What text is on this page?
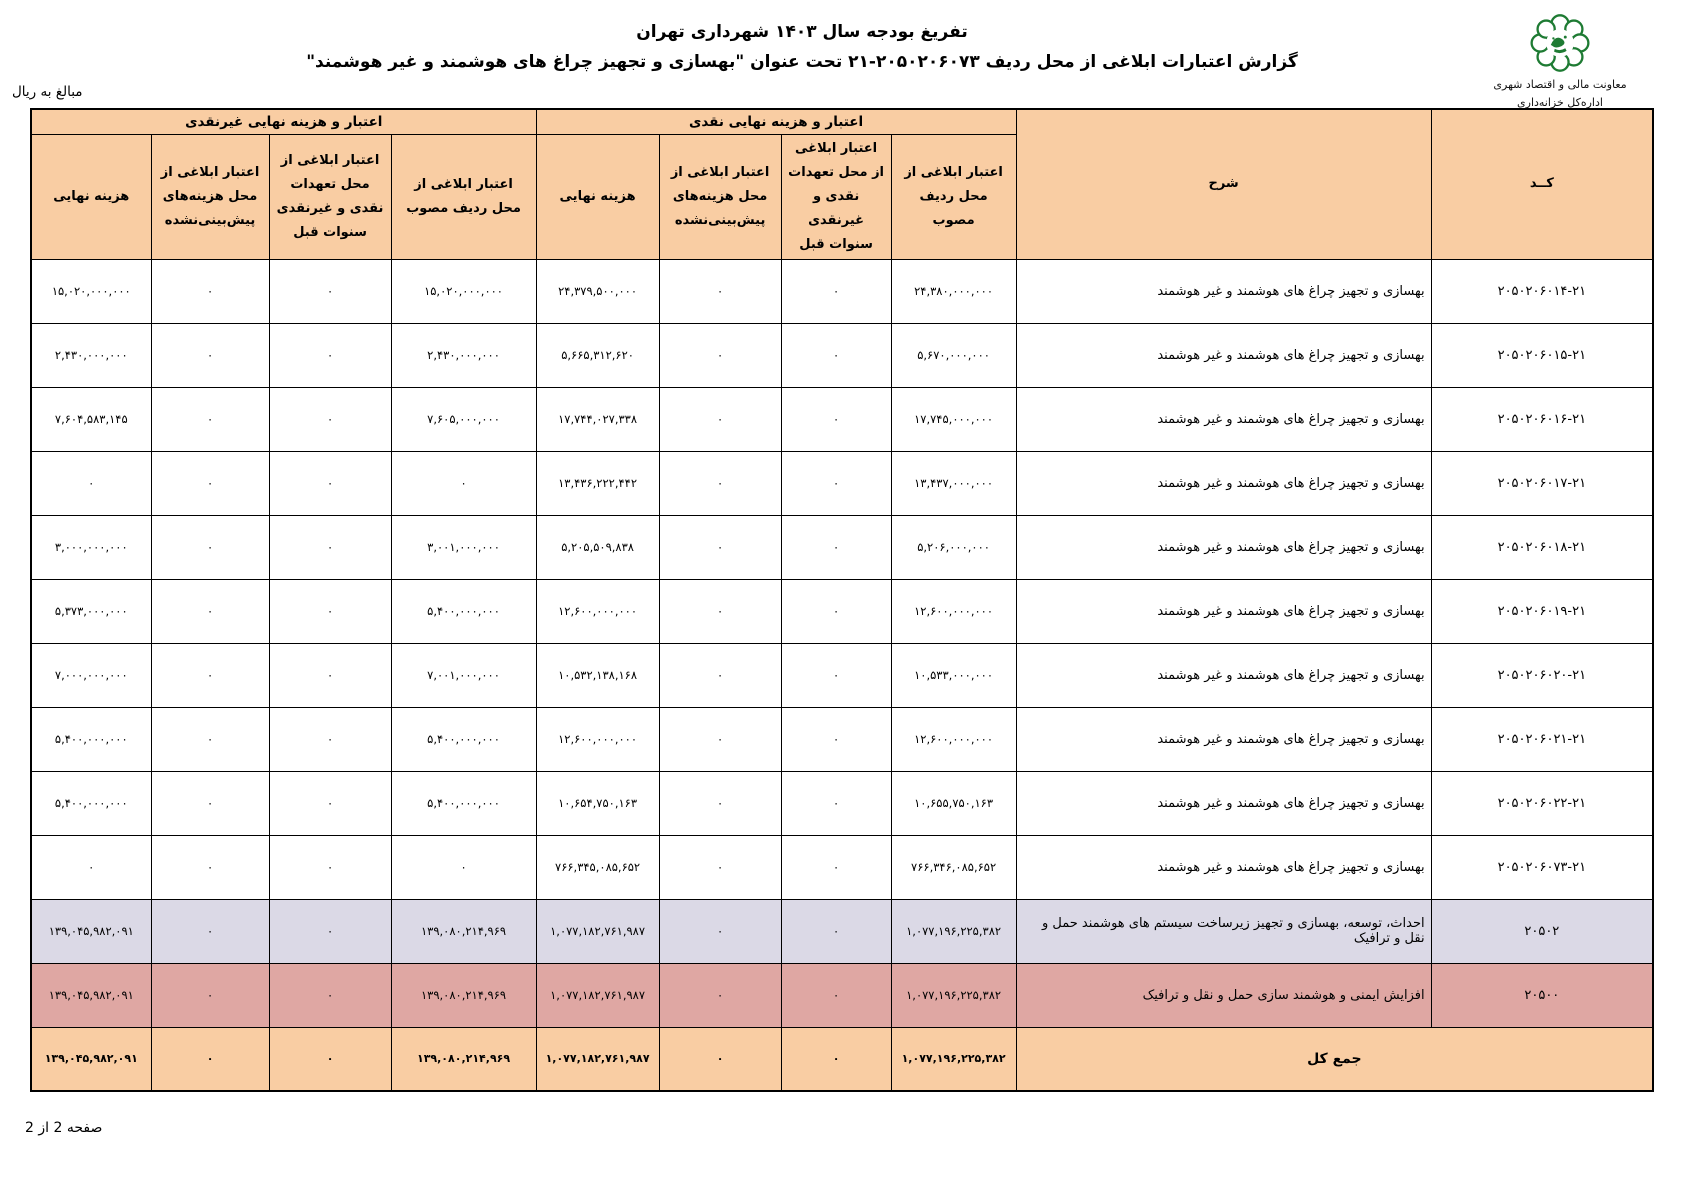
تفریغ بودجه سال ۱۴۰۳ شهرداری تهران
گزارش اعتبارات ابلاغی از محل ردیف ۲۰۵۰۲۰۶۰۷۳-۲۱ تحت عنوان "بهسازی و تجهیز چراغ های هوشمند و غیر هوشمند"
معاونت مالی و اقتصاد شهری
اداره‌کل خزانه‌داری
مبالغ به ریال
کــد	شرح	اعتبار و هزینه نهایی نقدی				اعتبار و هزینه نهایی غیرنقدی			
		اعتبار ابلاغی از محل ردیف مصوب	اعتبار ابلاغی از محل تعهدات نقدی و غیرنقدی سنوات قبل	اعتبار ابلاغی از محل هزینه‌های پیش‌بینی‌نشده	هزینه نهایی	اعتبار ابلاغی از محل ردیف مصوب	اعتبار ابلاغی از محل تعهدات نقدی و غیرنقدی سنوات قبل	اعتبار ابلاغی از محل هزینه‌های پیش‌بینی‌نشده	هزینه نهایی
۲۰۵۰۲۰۶۰۱۴-۲۱	بهسازی و تجهیز چراغ های هوشمند و غیر هوشمند	۲۴,۳۸۰,۰۰۰,۰۰۰	۰	۰	۲۴,۳۷۹,۵۰۰,۰۰۰	۱۵,۰۲۰,۰۰۰,۰۰۰	۰	۰	۱۵,۰۲۰,۰۰۰,۰۰۰
۲۰۵۰۲۰۶۰۱۵-۲۱	بهسازی و تجهیز چراغ های هوشمند و غیر هوشمند	۵,۶۷۰,۰۰۰,۰۰۰	۰	۰	۵,۶۶۵,۳۱۲,۶۲۰	۲,۴۳۰,۰۰۰,۰۰۰	۰	۰	۲,۴۳۰,۰۰۰,۰۰۰
۲۰۵۰۲۰۶۰۱۶-۲۱	بهسازی و تجهیز چراغ های هوشمند و غیر هوشمند	۱۷,۷۴۵,۰۰۰,۰۰۰	۰	۰	۱۷,۷۴۴,۰۲۷,۳۳۸	۷,۶۰۵,۰۰۰,۰۰۰	۰	۰	۷,۶۰۴,۵۸۳,۱۴۵
۲۰۵۰۲۰۶۰۱۷-۲۱	بهسازی و تجهیز چراغ های هوشمند و غیر هوشمند	۱۳,۴۳۷,۰۰۰,۰۰۰	۰	۰	۱۳,۴۳۶,۲۲۲,۴۴۲	۰	۰	۰	۰
۲۰۵۰۲۰۶۰۱۸-۲۱	بهسازی و تجهیز چراغ های هوشمند و غیر هوشمند	۵,۲۰۶,۰۰۰,۰۰۰	۰	۰	۵,۲۰۵,۵۰۹,۸۳۸	۳,۰۰۱,۰۰۰,۰۰۰	۰	۰	۳,۰۰۰,۰۰۰,۰۰۰
۲۰۵۰۲۰۶۰۱۹-۲۱	بهسازی و تجهیز چراغ های هوشمند و غیر هوشمند	۱۲,۶۰۰,۰۰۰,۰۰۰	۰	۰	۱۲,۶۰۰,۰۰۰,۰۰۰	۵,۴۰۰,۰۰۰,۰۰۰	۰	۰	۵,۳۷۳,۰۰۰,۰۰۰
۲۰۵۰۲۰۶۰۲۰-۲۱	بهسازی و تجهیز چراغ های هوشمند و غیر هوشمند	۱۰,۵۳۳,۰۰۰,۰۰۰	۰	۰	۱۰,۵۳۲,۱۳۸,۱۶۸	۷,۰۰۱,۰۰۰,۰۰۰	۰	۰	۷,۰۰۰,۰۰۰,۰۰۰
۲۰۵۰۲۰۶۰۲۱-۲۱	بهسازی و تجهیز چراغ های هوشمند و غیر هوشمند	۱۲,۶۰۰,۰۰۰,۰۰۰	۰	۰	۱۲,۶۰۰,۰۰۰,۰۰۰	۵,۴۰۰,۰۰۰,۰۰۰	۰	۰	۵,۴۰۰,۰۰۰,۰۰۰
۲۰۵۰۲۰۶۰۲۲-۲۱	بهسازی و تجهیز چراغ های هوشمند و غیر هوشمند	۱۰,۶۵۵,۷۵۰,۱۶۳	۰	۰	۱۰,۶۵۴,۷۵۰,۱۶۳	۵,۴۰۰,۰۰۰,۰۰۰	۰	۰	۵,۴۰۰,۰۰۰,۰۰۰
۲۰۵۰۲۰۶۰۷۳-۲۱	بهسازی و تجهیز چراغ های هوشمند و غیر هوشمند	۷۶۶,۳۴۶,۰۸۵,۶۵۲	۰	۰	۷۶۶,۳۴۵,۰۸۵,۶۵۲	۰	۰	۰	۰
۲۰۵۰۲	احداث، توسعه، بهسازی و تجهیز زیرساخت سیستم های هوشمند حمل و نقل و ترافیک	۱,۰۷۷,۱۹۶,۲۲۵,۳۸۲	۰	۰	۱,۰۷۷,۱۸۲,۷۶۱,۹۸۷	۱۳۹,۰۸۰,۲۱۴,۹۶۹	۰	۰	۱۳۹,۰۴۵,۹۸۲,۰۹۱
۲۰۵۰۰	افزایش ایمنی و هوشمند سازی حمل و نقل و ترافیک	۱,۰۷۷,۱۹۶,۲۲۵,۳۸۲	۰	۰	۱,۰۷۷,۱۸۲,۷۶۱,۹۸۷	۱۳۹,۰۸۰,۲۱۴,۹۶۹	۰	۰	۱۳۹,۰۴۵,۹۸۲,۰۹۱
جمع کل		۱,۰۷۷,۱۹۶,۲۲۵,۳۸۲	۰	۰	۱,۰۷۷,۱۸۲,۷۶۱,۹۸۷	۱۳۹,۰۸۰,۲۱۴,۹۶۹	۰	۰	۱۳۹,۰۴۵,۹۸۲,۰۹۱
صفحه 2 از 2
